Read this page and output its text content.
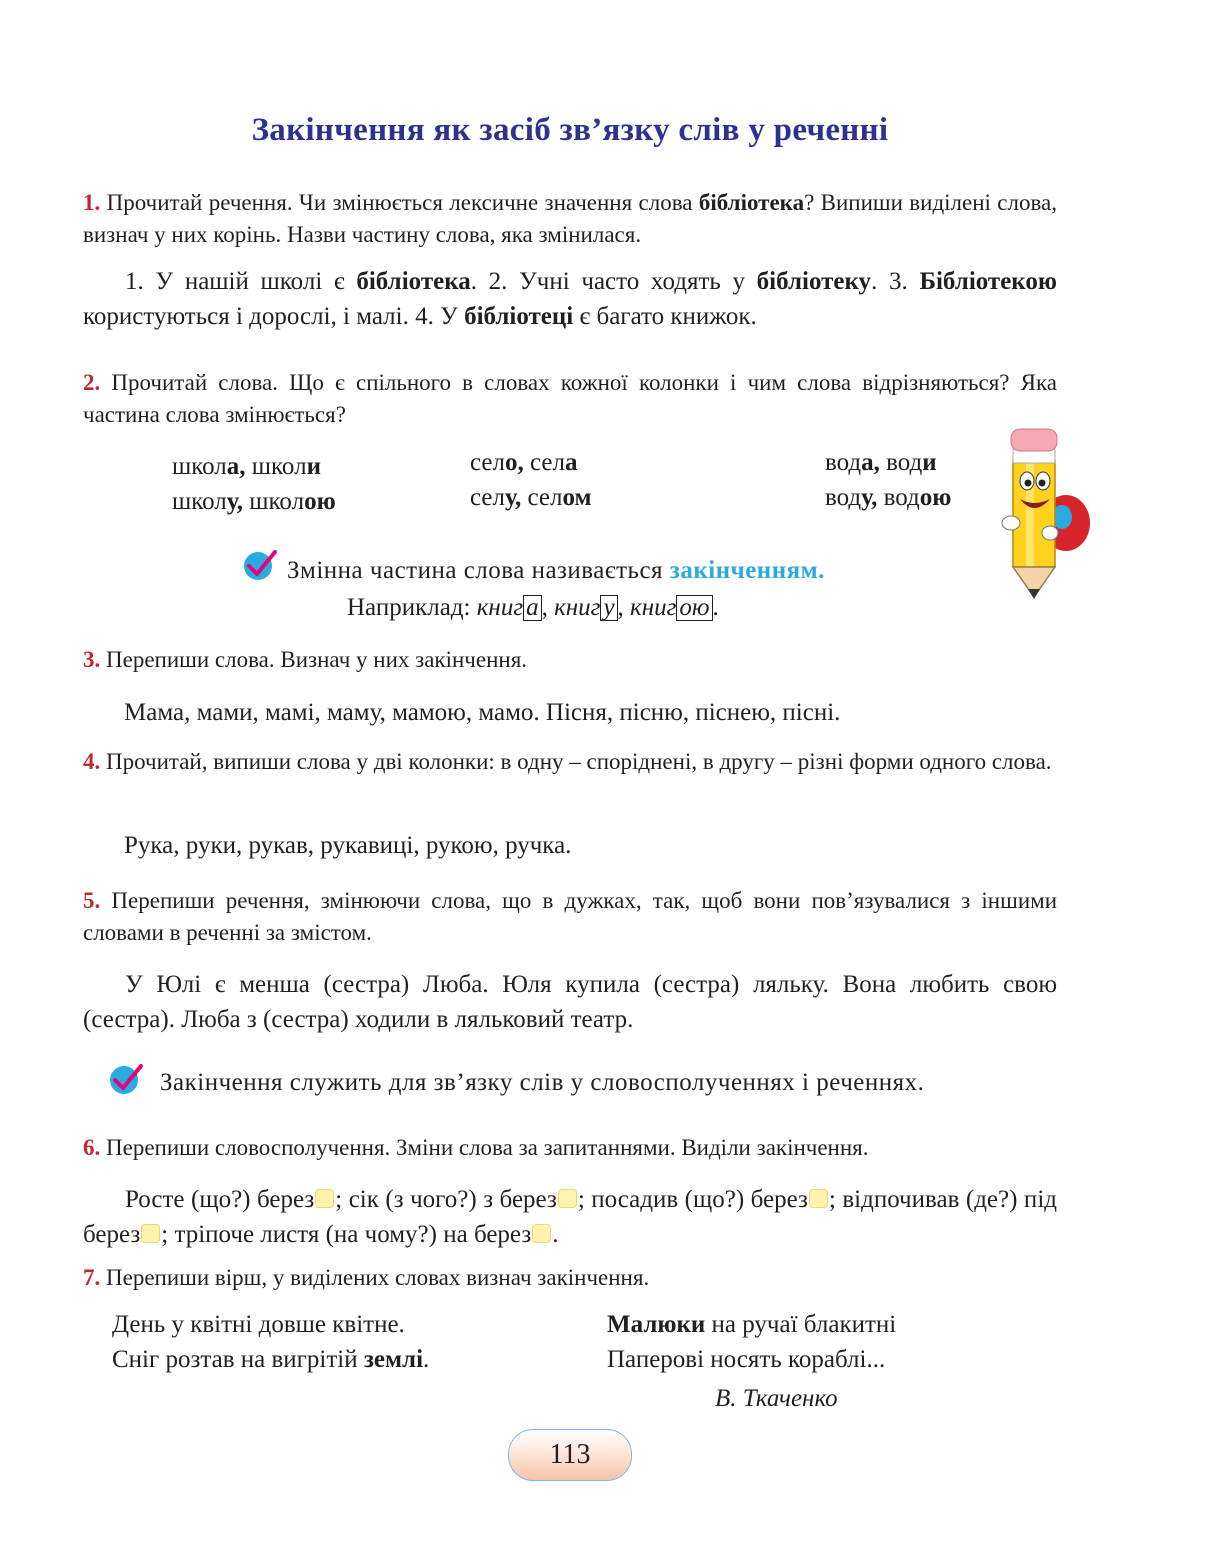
Закінчення як засіб зв’язку слів у реченні
1. Прочитай речення. Чи змінюється лексичне значення слова бібліотека? Випиши виділені слова, визнач у них корінь. Назви частину слова, яка змінилася.
1. У нашій школі є бібліотека. 2. Учні часто ходять у бібліотеку. 3. Бібліотекою користуються і дорослі, і малі. 4. У бібліотеці є багато книжок.
2. Прочитай слова. Що є спільного в словах кожної колонки і чим слова відрізняються? Яка частина слова змінюється?
школа, школи
школу, школою
село, села
селу, селом
вода, води
воду, водою
Змінна частина слова називається закінченням.
Наприклад: книг а , книг у , книг ою .
3. Перепиши слова. Визнач у них закінчення.
Мама, мами, мамі, маму, мамою, мамо. Пісня, пісню, піснею, пісні.
4. Прочитай, випиши слова у дві колонки: в одну – споріднені, в другу – різні форми одного слова.
Рука, руки, рукав, рукавиці, рукою, ручка.
5. Перепиши речення, змінюючи слова, що в дужках, так, щоб вони пов’язувалися з іншими словами в реченні за змістом.
У Юлі є менша (сестра) Люба. Юля купила (сестра) ляльку. Вона любить свою (сестра). Люба з (сестра) ходили в ляльковий театр.
Закінчення служить для зв’язку слів у словосполученнях і реченнях.
6. Перепиши словосполучення. Зміни слова за запитаннями. Виділи закінчення.
Росте (що?) берез ; сік (з чого?) з берез ; посадив (що?) берез ; відпочивав (де?) під берез ; тріпоче листя (на чому?) на берез .
7. Перепиши вірш, у виділених словах визнач закінчення.
День у квітні довше квітне.
Сніг розтав на вигрітій землі.
Малюки на ручаї блакитні
Паперові носять кораблі...
В. Ткаченко
113
